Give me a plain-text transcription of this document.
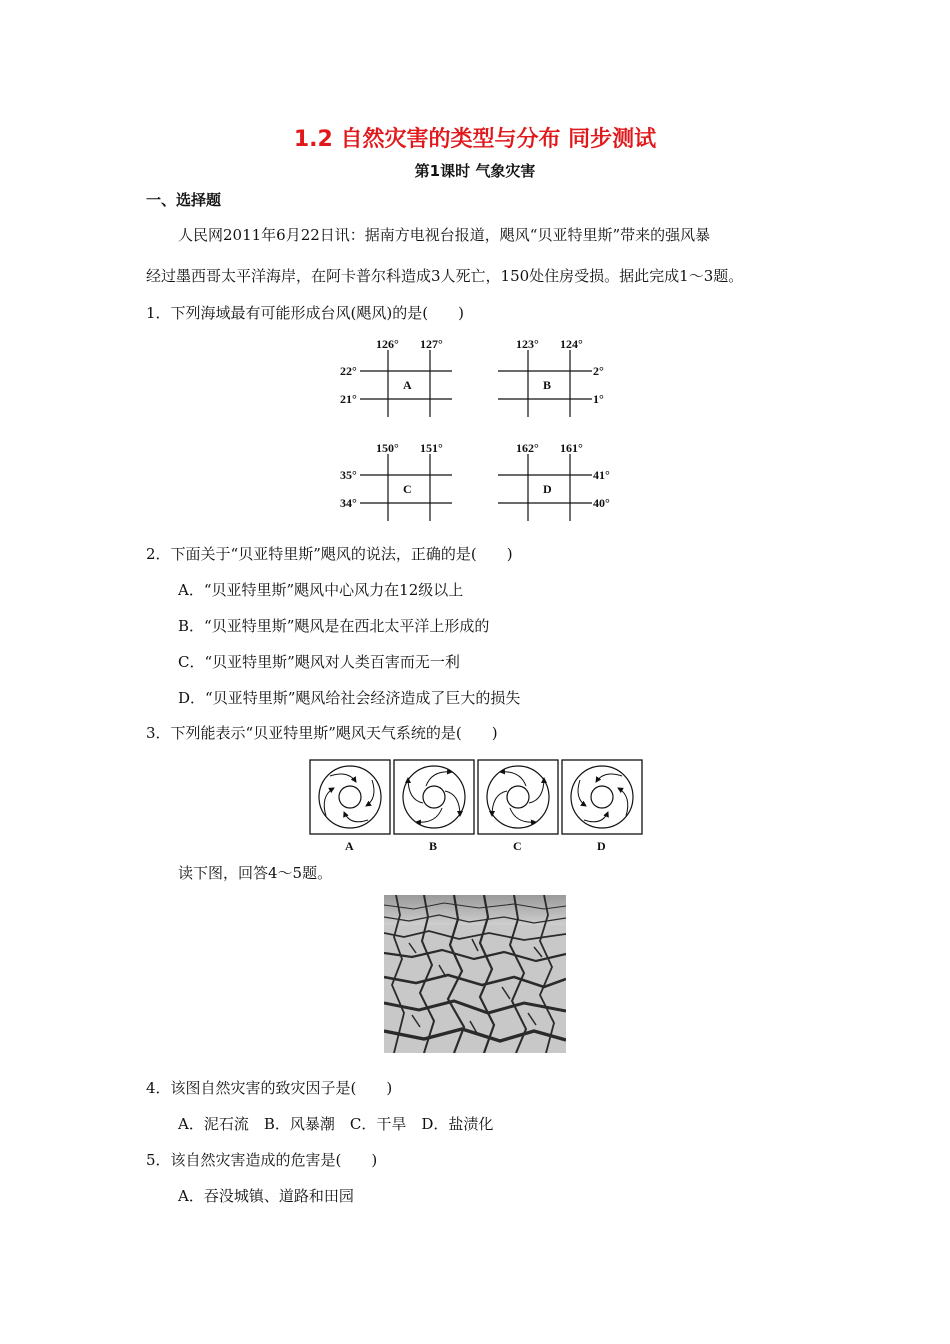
1.2 自然灾害的类型与分布 同步测试
第1课时 气象灾害
一、选择题
人民网2011年6月22日讯：据南方电视台报道，飓风“贝亚特里斯”带来的强风暴
经过墨西哥太平洋海岸，在阿卡普尔科造成3人死亡，150处住房受损。据此完成1～3题。
1．下列海域最有可能形成台风(飓风)的是(　　)
126° 127°
22°
21°
A
123° 124°
2°
1°
B
150° 151°
35°
34°
C
162° 161°
41°
40°
D
2．下面关于“贝亚特里斯”飓风的说法，正确的是(　　)
A．“贝亚特里斯”飓风中心风力在12级以上
B．“贝亚特里斯”飓风是在西北太平洋上形成的
C．“贝亚特里斯”飓风对人类百害而无一利
D．“贝亚特里斯”飓风给社会经济造成了巨大的损失
3．下列能表示“贝亚特里斯”飓风天气系统的是(　　)
A	B	C	D
读下图，回答4～5题。
4．该图自然灾害的致灾因子是(　　)
A．泥石流　B．风暴潮　C．干旱　D．盐渍化
5．该自然灾害造成的危害是(　　)
A．吞没城镇、道路和田园
